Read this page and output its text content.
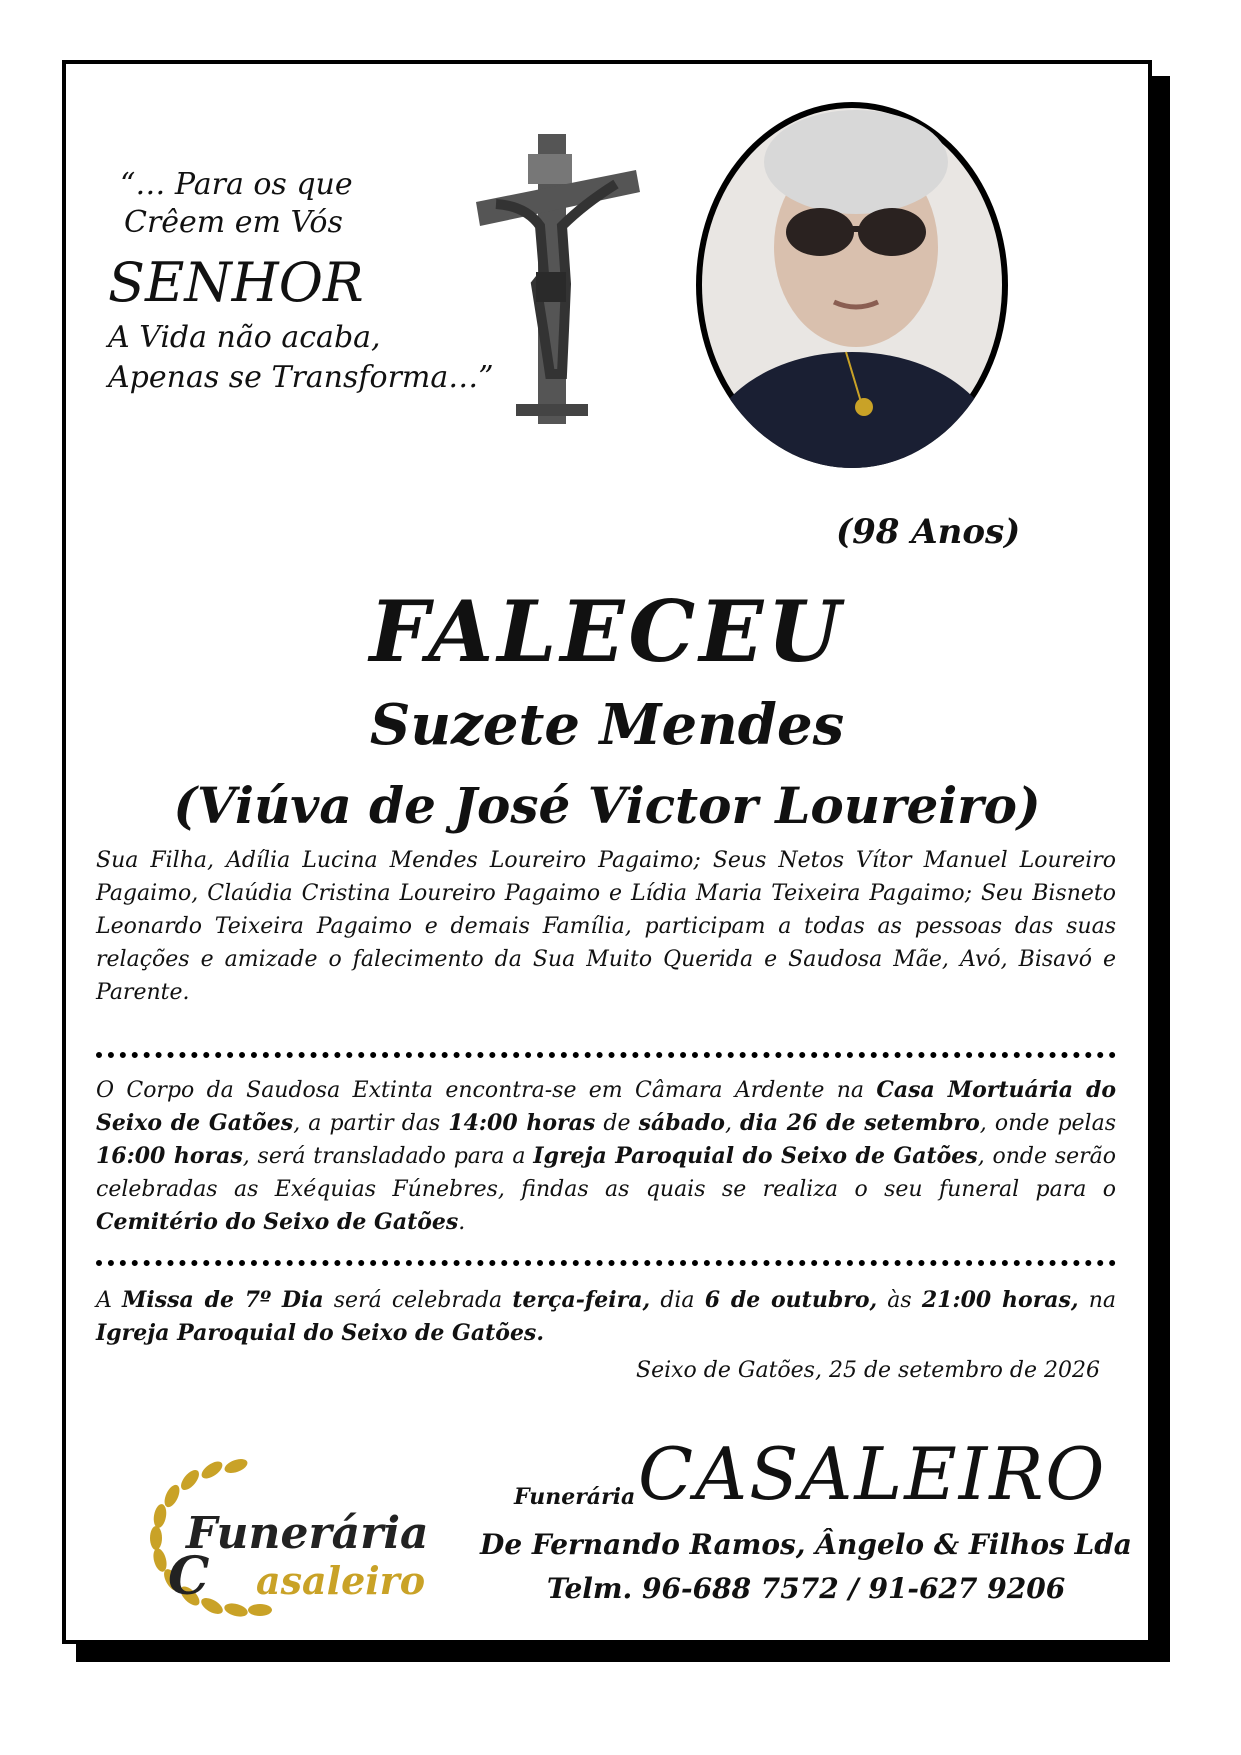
“… Para os que
Crêem em Vós
SENHOR
A Vida não acaba,
Apenas se Transforma…”
(98 Anos)
FALECEU
Suzete Mendes
(Viúva de José Victor Loureiro)
Sua Filha, Adília Lucina Mendes Loureiro Pagaimo; Seus Netos Vítor Manuel Loureiro Pagaimo, Claúdia Cristina Loureiro Pagaimo e Lídia Maria Teixeira Pagaimo; Seu Bisneto Leonardo Teixeira Pagaimo e demais Família, participam a todas as pessoas das suas relações e amizade o falecimento da Sua Muito Querida e Saudosa Mãe, Avó, Bisavó e Parente.
O Corpo da Saudosa Extinta encontra-se em Câmara Ardente na Casa Mortuária do Seixo de Gatões, a partir das 14:00 horas de sábado, dia 26 de setembro, onde pelas 16:00 horas, será transladado para a Igreja Paroquial do Seixo de Gatões, onde serão celebradas as Exéquias Fúnebres, findas as quais se realiza o seu funeral para o Cemitério do Seixo de Gatões.
A Missa de 7º Dia será celebrada terça-feira, dia 6 de outubro, às 21:00 horas, na Igreja Paroquial do Seixo de Gatões.
Seixo de Gatões, 25 de setembro de 2026
Funerária
C asaleiro
Funerária CASALEIRO
De Fernando Ramos, Ângelo & Filhos Lda
Telm. 96-688 7572 / 91-627 9206
